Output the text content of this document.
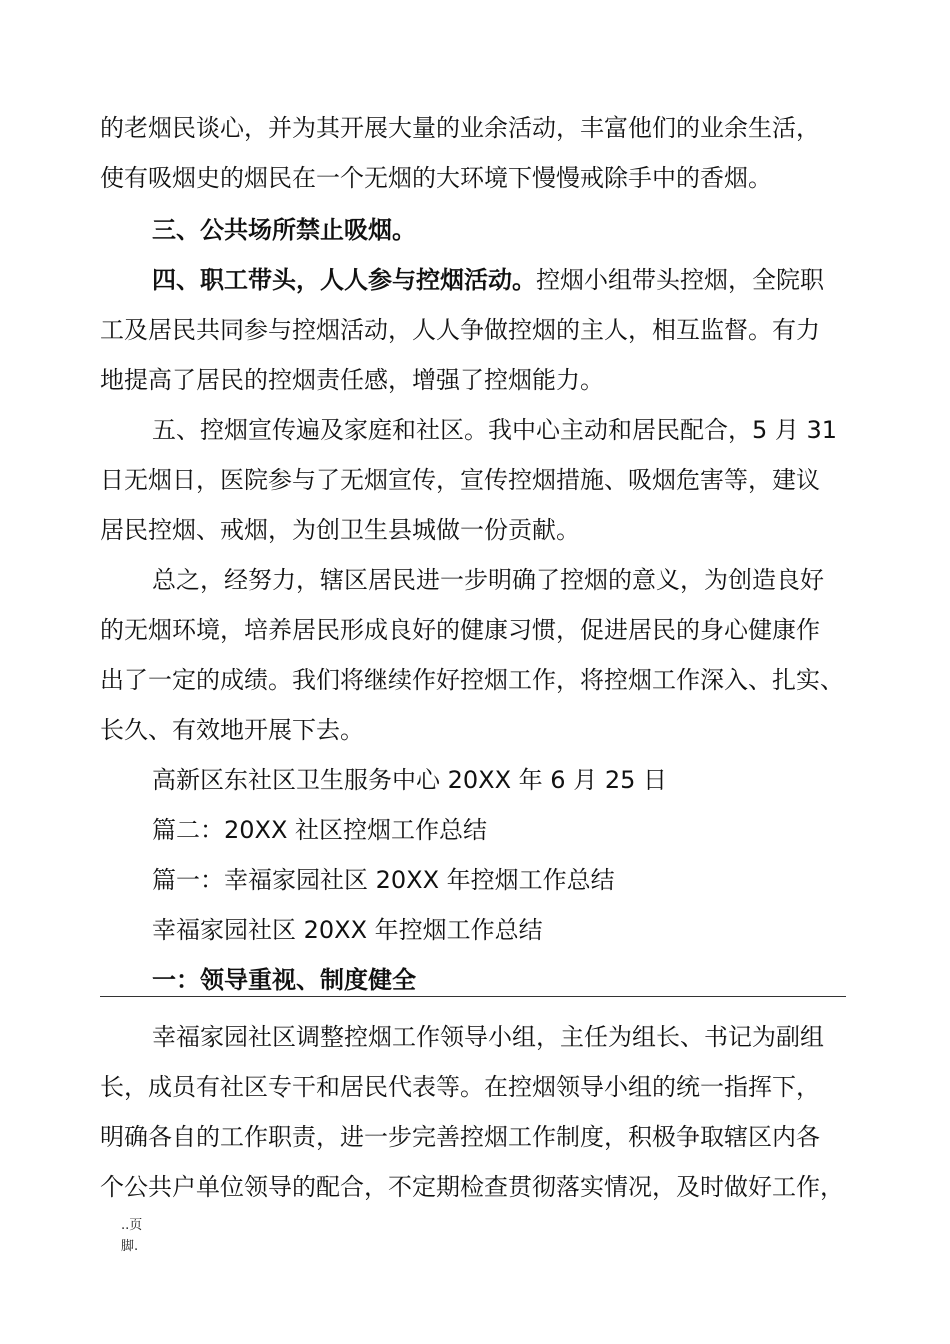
的老烟民谈心，并为其开展大量的业余活动，丰富他们的业余生活，
使有吸烟史的烟民在一个无烟的大环境下慢慢戒除手中的香烟。
三、公共场所禁止吸烟。
四、职工带头，人人参与控烟活动。控烟小组带头控烟，全院职
工及居民共同参与控烟活动，人人争做控烟的主人，相互监督。有力
地提高了居民的控烟责任感，增强了控烟能力。
五、控烟宣传遍及家庭和社区。我中心主动和居民配合，5 月 31
日无烟日，医院参与了无烟宣传，宣传控烟措施、吸烟危害等，建议
居民控烟、戒烟，为创卫生县城做一份贡献。
总之，经努力，辖区居民进一步明确了控烟的意义，为创造良好
的无烟环境，培养居民形成良好的健康习惯，促进居民的身心健康作
出了一定的成绩。我们将继续作好控烟工作，将控烟工作深入、扎实、
长久、有效地开展下去。
高新区东社区卫生服务中心 20XX 年 6 月 25 日
篇二：20XX 社区控烟工作总结
篇一：幸福家园社区 20XX 年控烟工作总结
幸福家园社区 20XX 年控烟工作总结
一：领导重视、制度健全
幸福家园社区调整控烟工作领导小组，主任为组长、书记为副组
长，成员有社区专干和居民代表等。在控烟领导小组的统一指挥下，
明确各自的工作职责，进一步完善控烟工作制度，积极争取辖区内各
个公共户单位领导的配合，不定期检查贯彻落实情况，及时做好工作，
..页
脚.
